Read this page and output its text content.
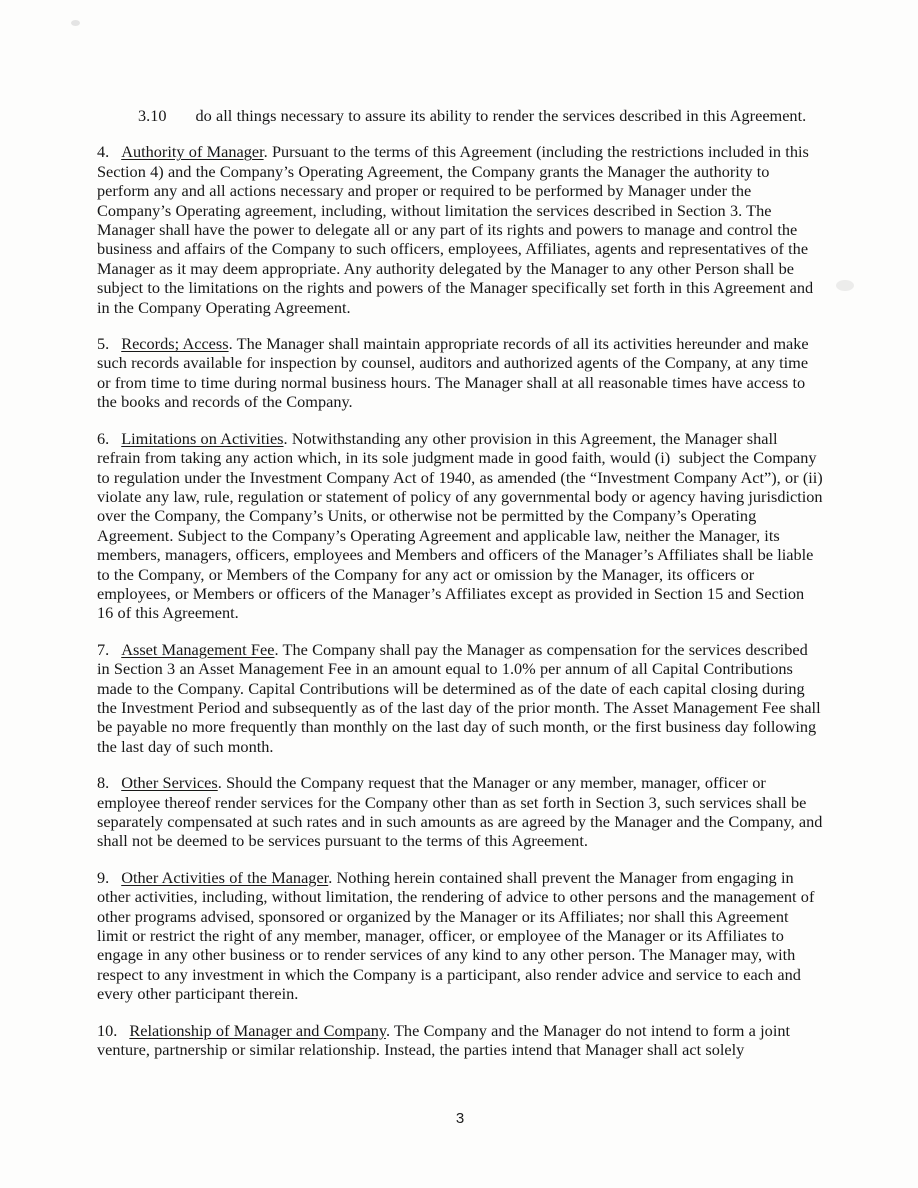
3.10 do all things necessary to assure its ability to render the services described in this Agreement.

4. Authority of Manager. Pursuant to the terms of this Agreement (including the restrictions included in this Section 4) and the Company’s Operating Agreement, the Company grants the Manager the authority to perform any and all actions necessary and proper or required to be performed by Manager under the Company’s Operating agreement, including, without limitation the services described in Section 3. The Manager shall have the power to delegate all or any part of its rights and powers to manage and control the business and affairs of the Company to such officers, employees, Affiliates, agents and representatives of the Manager as it may deem appropriate. Any authority delegated by the Manager to any other Person shall be subject to the limitations on the rights and powers of the Manager specifically set forth in this Agreement and in the Company Operating Agreement.

5. Records; Access. The Manager shall maintain appropriate records of all its activities hereunder and make such records available for inspection by counsel, auditors and authorized agents of the Company, at any time or from time to time during normal business hours. The Manager shall at all reasonable times have access to the books and records of the Company.

6. Limitations on Activities. Notwithstanding any other provision in this Agreement, the Manager shall refrain from taking any action which, in its sole judgment made in good faith, would (i)  subject the Company to regulation under the Investment Company Act of 1940, as amended (the “Investment Company Act”), or (ii) violate any law, rule, regulation or statement of policy of any governmental body or agency having jurisdiction over the Company, the Company’s Units, or otherwise not be permitted by the Company’s Operating Agreement. Subject to the Company’s Operating Agreement and applicable law, neither the Manager, its members, managers, officers, employees and Members and officers of the Manager’s Affiliates shall be liable to the Company, or Members of the Company for any act or omission by the Manager, its officers or employees, or Members or officers of the Manager’s Affiliates except as provided in Section 15 and Section 16 of this Agreement.

7. Asset Management Fee. The Company shall pay the Manager as compensation for the services described in Section 3 an Asset Management Fee in an amount equal to 1.0% per annum of all Capital Contributions made to the Company. Capital Contributions will be determined as of the date of each capital closing during the Investment Period and subsequently as of the last day of the prior month. The Asset Management Fee shall be payable no more frequently than monthly on the last day of such month, or the first business day following the last day of such month.

8. Other Services. Should the Company request that the Manager or any member, manager, officer or employee thereof render services for the Company other than as set forth in Section 3, such services shall be separately compensated at such rates and in such amounts as are agreed by the Manager and the Company, and shall not be deemed to be services pursuant to the terms of this Agreement.

9. Other Activities of the Manager. Nothing herein contained shall prevent the Manager from engaging in other activities, including, without limitation, the rendering of advice to other persons and the management of other programs advised, sponsored or organized by the Manager or its Affiliates; nor shall this Agreement limit or restrict the right of any member, manager, officer, or employee of the Manager or its Affiliates to engage in any other business or to render services of any kind to any other person. The Manager may, with respect to any investment in which the Company is a participant, also render advice and service to each and every other participant therein.

10. Relationship of Manager and Company. The Company and the Manager do not intend to form a joint venture, partnership or similar relationship. Instead, the parties intend that Manager shall act solely

3
